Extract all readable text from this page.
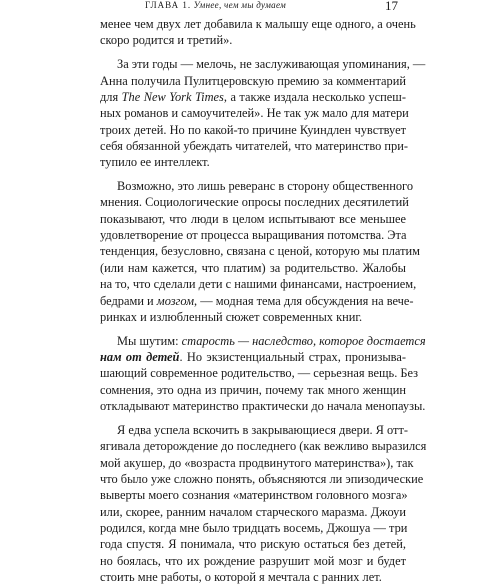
ГЛАВА 1. Умнее, чем мы думаем	17

менее чем двух лет добавила к малышу еще одного, а очень
скоро родится и третий».

За эти годы — мелочь, не заслуживающая упоминания, —
Анна получила Пулитцеровскую премию за комментарий
для The New York Times, а также издала несколько успеш-
ных романов и самоучителей». Не так уж мало для матери
троих детей. Но по какой-то причине Куиндлен чувствует
себя обязанной убеждать читателей, что материнство при-
тупило ее интеллект.

Возможно, это лишь реверанс в сторону общественного
мнения. Социологические опросы последних десятилетий
показывают, что люди в целом испытывают все меньшее
удовлетворение от процесса выращивания потомства. Эта
тенденция, безусловно, связана с ценой, которую мы платим
(или нам кажется, что платим) за родительство. Жалобы
на то, что сделали дети с нашими финансами, настроением,
бедрами и мозгом, — модная тема для обсуждения на вече-
ринках и излюбленный сюжет современных книг.

Мы шутим: старость — наследство, которое достается
нам от детей. Но экзистенциальный страх, пронизыва-
шающий современное родительство, — серьезная вещь. Без
сомнения, это одна из причин, почему так много женщин
откладывают материнство практически до начала менопаузы.

Я едва успела вскочить в закрывающиеся двери. Я отт-
ягивала деторождение до последнего (как вежливо выразился
мой акушер, до «возраста продвинутого материнства»), так
что было уже сложно понять, объясняются ли эпизодические
выверты моего сознания «материнством головного мозга»
или, скорее, ранним началом старческого маразма. Джоуи
родился, когда мне было тридцать восемь, Джошуа — три
года спустя. Я понимала, что рискую остаться без детей,
но боялась, что их рождение разрушит мой мозг и будет
стоить мне работы, о которой я мечтала с ранних лет.
